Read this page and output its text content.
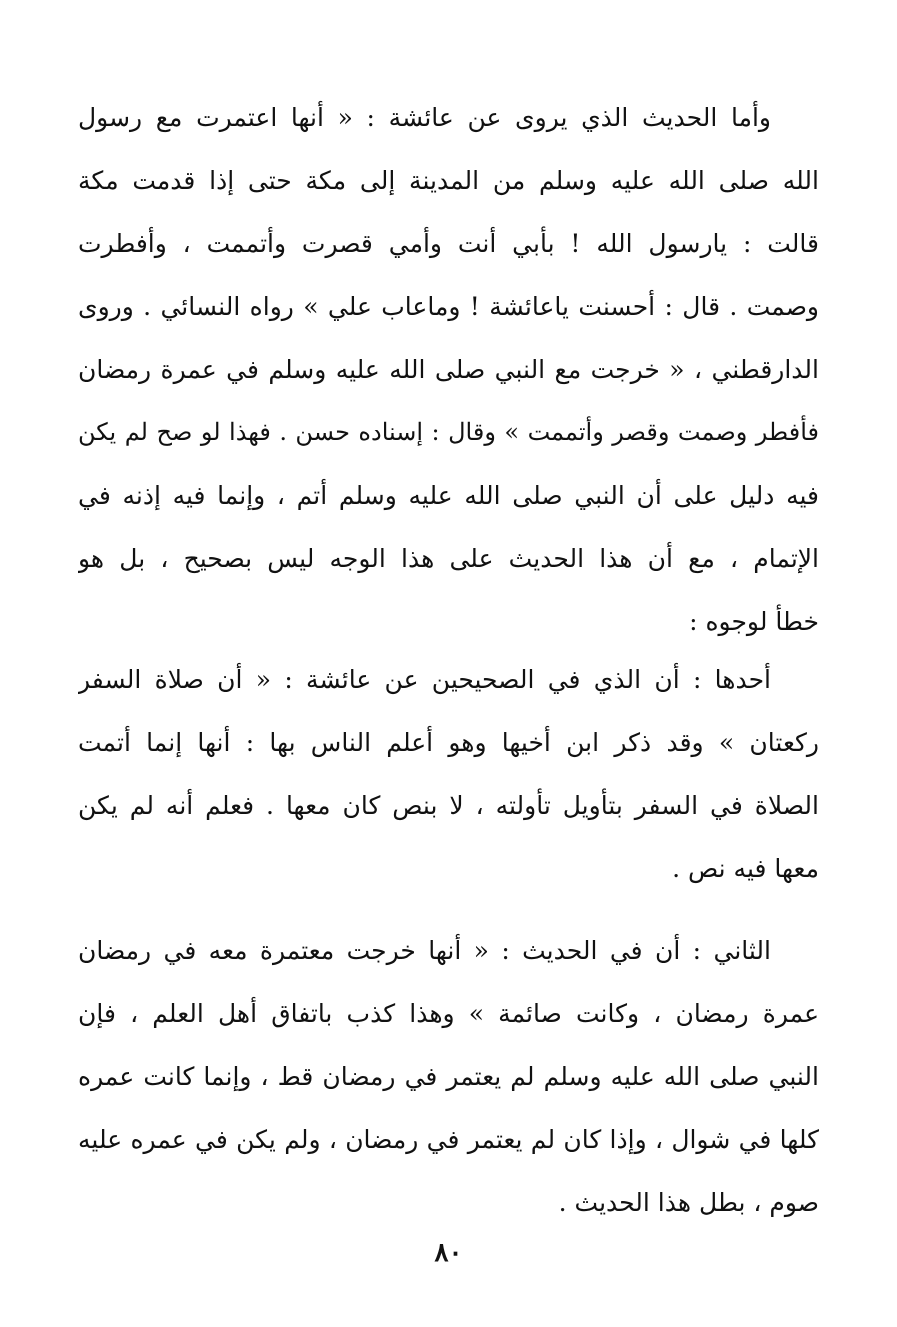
وأما الحديث الذي يروى عن عائشة : « أنها اعتمرت مع رسول
الله صلى الله عليه وسلم من المدينة إلى مكة حتى إذا قدمت مكة
قالت : يارسول الله ! بأبي أنت وأمي قصرت وأتممت ، وأفطرت
وصمت . قال : أحسنت ياعائشة ! وماعاب علي » رواه النسائي . وروى
الدارقطني ، « خرجت مع النبي صلى الله عليه وسلم في عمرة رمضان
فأفطر وصمت وقصر وأتممت » وقال : إسناده حسن . فهذا لو صح لم يكن
فيه دليل على أن النبي صلى الله عليه وسلم أتم ، وإنما فيه إذنه في
الإتمام ، مع أن هذا الحديث على هذا الوجه ليس بصحيح ، بل هو
خطأ لوجوه :
أحدها : أن الذي في الصحيحين عن عائشة : « أن صلاة السفر
ركعتان » وقد ذكر ابن أخيها وهو أعلم الناس بها : أنها إنما أتمت
الصلاة في السفر بتأويل تأولته ، لا بنص كان معها . فعلم أنه لم يكن
معها فيه نص .
الثاني : أن في الحديث : « أنها خرجت معتمرة معه في رمضان
عمرة رمضان ، وكانت صائمة » وهذا كذب باتفاق أهل العلم ، فإن
النبي صلى الله عليه وسلم لم يعتمر في رمضان قط ، وإنما كانت عمره
كلها في شوال ، وإذا كان لم يعتمر في رمضان ، ولم يكن في عمره عليه
صوم ، بطل هذا الحديث .
٨٠
